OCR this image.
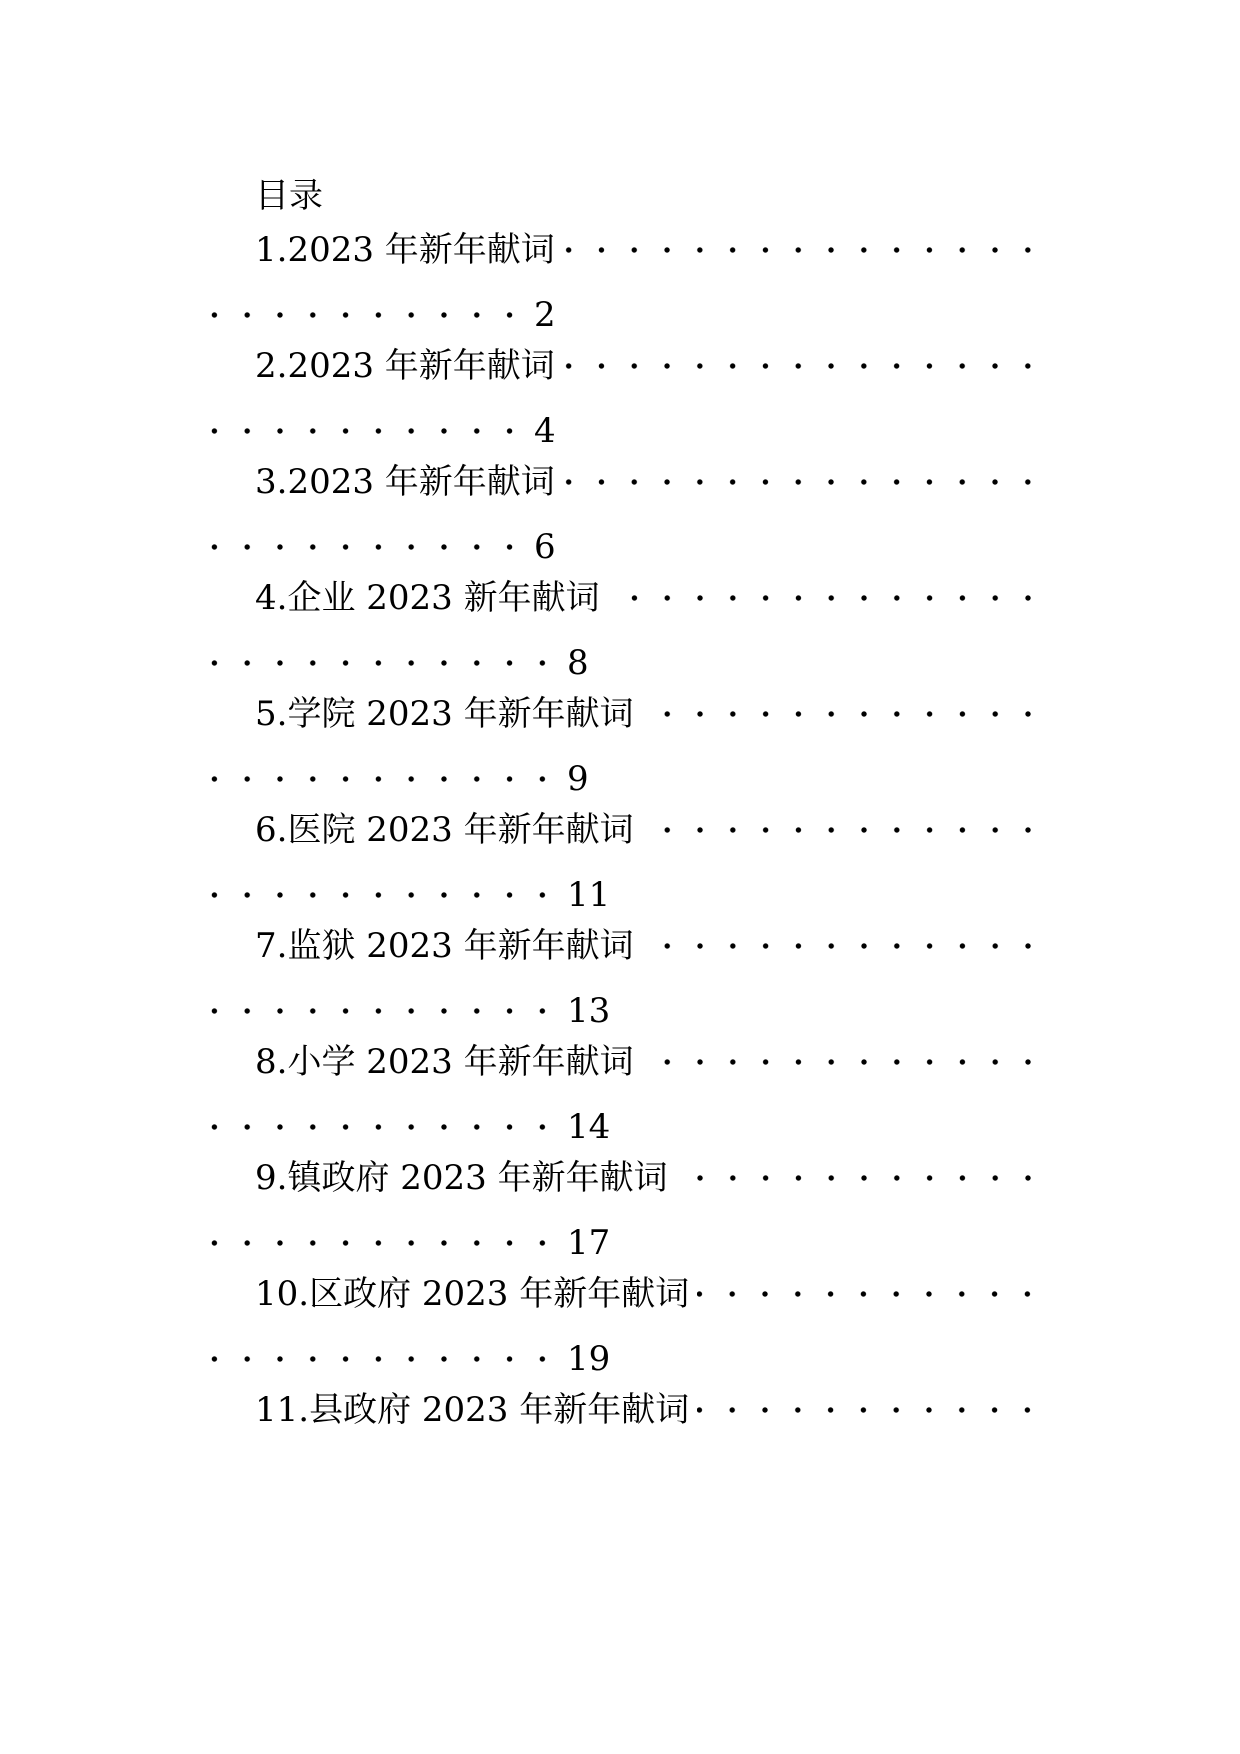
目录
1.2023 年新年献词
2
2.2023 年新年献词
4
3.2023 年新年献词
6
4.企业 2023 新年献词
8
5.学院 2023 年新年献词
9
6.医院 2023 年新年献词
11
7.监狱 2023 年新年献词
13
8.小学 2023 年新年献词
14
9.镇政府 2023 年新年献词
17
10.区政府 2023 年新年献词
19
11.县政府 2023 年新年献词
